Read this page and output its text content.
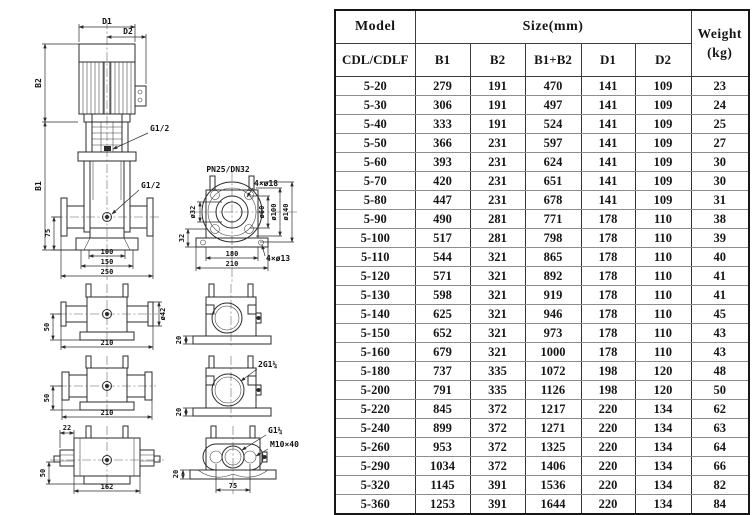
D1
D2
B2
B1
75
G1/2
G1/2
100
150
250
PN25/DN32
4×ø18
ø32	ø60 ø100 ø140
32
180
210
4×ø13
50
ø42
210
50
210
22
50
162
20
2G1¼
20
G1¼
M10×40
20
75
Model	Size(mm)					Weight
(kg)

CDL/CDLF	B1	B2	B1+B2	D1	D2	
5-20	279	191	470	141	109	23
5-30	306	191	497	141	109	24
5-40	333	191	524	141	109	25
5-50	366	231	597	141	109	27
5-60	393	231	624	141	109	30
5-70	420	231	651	141	109	30
5-80	447	231	678	141	109	31
5-90	490	281	771	178	110	38
5-100	517	281	798	178	110	39
5-110	544	321	865	178	110	40
5-120	571	321	892	178	110	41
5-130	598	321	919	178	110	41
5-140	625	321	946	178	110	45
5-150	652	321	973	178	110	43
5-160	679	321	1000	178	110	43
5-180	737	335	1072	198	120	48
5-200	791	335	1126	198	120	50
5-220	845	372	1217	220	134	62
5-240	899	372	1271	220	134	63
5-260	953	372	1325	220	134	64
5-290	1034	372	1406	220	134	66
5-320	1145	391	1536	220	134	82
5-360	1253	391	1644	220	134	84
